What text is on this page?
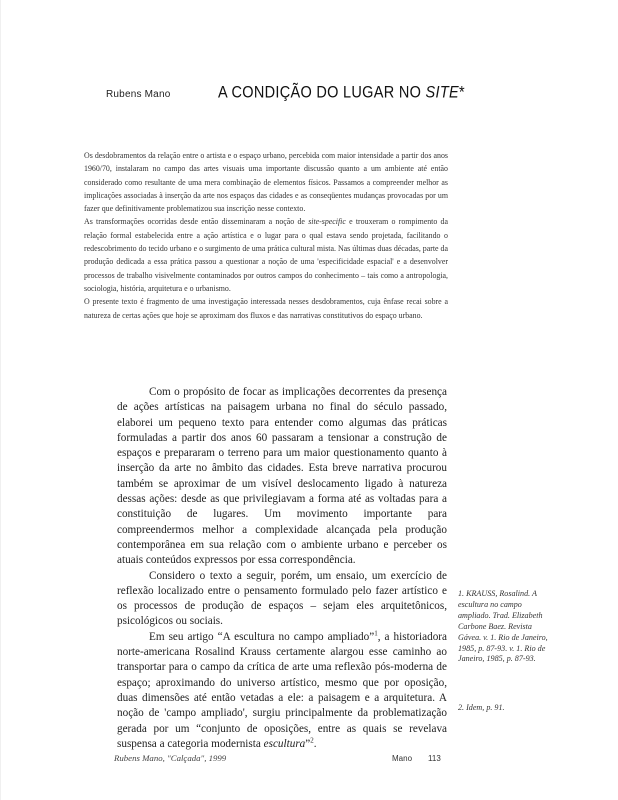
Rubens Mano	A CONDIÇÃO DO LUGAR NO SITE*

Os desdobramentos da relação entre o artista e o espaço urbano, percebida com maior intensidade a partir dos anos 1960/70, instalaram no campo das artes visuais uma importante discussão quanto a um ambiente até então considerado como resultante de uma mera combinação de elementos físicos. Passamos a compreender melhor as implicações associadas à inserção da arte nos espaços das cidades e as conseqüentes mudanças provocadas por um fazer que definitivamente problematizou sua inscrição nesse contexto.

As transformações ocorridas desde então disseminaram a noção de site-specific e trouxeram o rompimento da relação formal estabelecida entre a ação artística e o lugar para o qual estava sendo projetada, facilitando o redescobrimento do tecido urbano e o surgimento de uma prática cultural mista. Nas últimas duas décadas, parte da produção dedicada a essa prática passou a questionar a noção de uma 'especificidade espacial' e a desenvolver processos de trabalho visivelmente contaminados por outros campos do conhecimento – tais como a antropologia, sociologia, história, arquitetura e o urbanismo.

O presente texto é fragmento de uma investigação interessada nesses desdobramentos, cuja ênfase recai sobre a natureza de certas ações que hoje se aproximam dos fluxos e das narrativas constitutivos do espaço urbano.

Com o propósito de focar as implicações decorrentes da presença de ações artísticas na paisagem urbana no final do século passado, elaborei um pequeno texto para entender como algumas das práticas formuladas a partir dos anos 60 passaram a tensionar a construção de espaços e prepararam o terreno para um maior questionamento quanto à inserção da arte no âmbito das cidades. Esta breve narrativa procurou também se aproximar de um visível deslocamento ligado à natureza dessas ações: desde as que privilegiavam a forma até as voltadas para a constituição de lugares. Um movimento importante para compreendermos melhor a complexidade alcançada pela produção contemporânea em sua relação com o ambiente urbano e perceber os atuais conteúdos expressos por essa correspondência.

Considero o texto a seguir, porém, um ensaio, um exercício de reflexão localizado entre o pensamento formulado pelo fazer artístico e os processos de produção de espaços – sejam eles arquitetônicos, psicológicos ou sociais.

Em seu artigo “A escultura no campo ampliado”$^1$, a historiadora norte-americana Rosalind Krauss certamente alargou esse caminho ao transportar para o campo da crítica de arte uma reflexão pós-moderna de espaço; aproximando do universo artístico, mesmo que por oposição, duas dimensões até então vetadas a ele: a paisagem e a arquitetura. A noção de 'campo ampliado', surgiu principalmente da problematização gerada por um “conjunto de oposições, entre as quais se revelava suspensa a categoria modernista escultura”$^2$.

1. KRAUSS, Rosalind. A escultura no campo ampliado. Trad. Elizabeth Carbone Baez. Revista Gávea. v. 1. Rio de Janeiro, 1985, p. 87-93. v. 1. Rio de Janeiro, 1985, p. 87-93.
2. Idem, p. 91.
Rubens Mano, "Calçada", 1999	Mano 113
